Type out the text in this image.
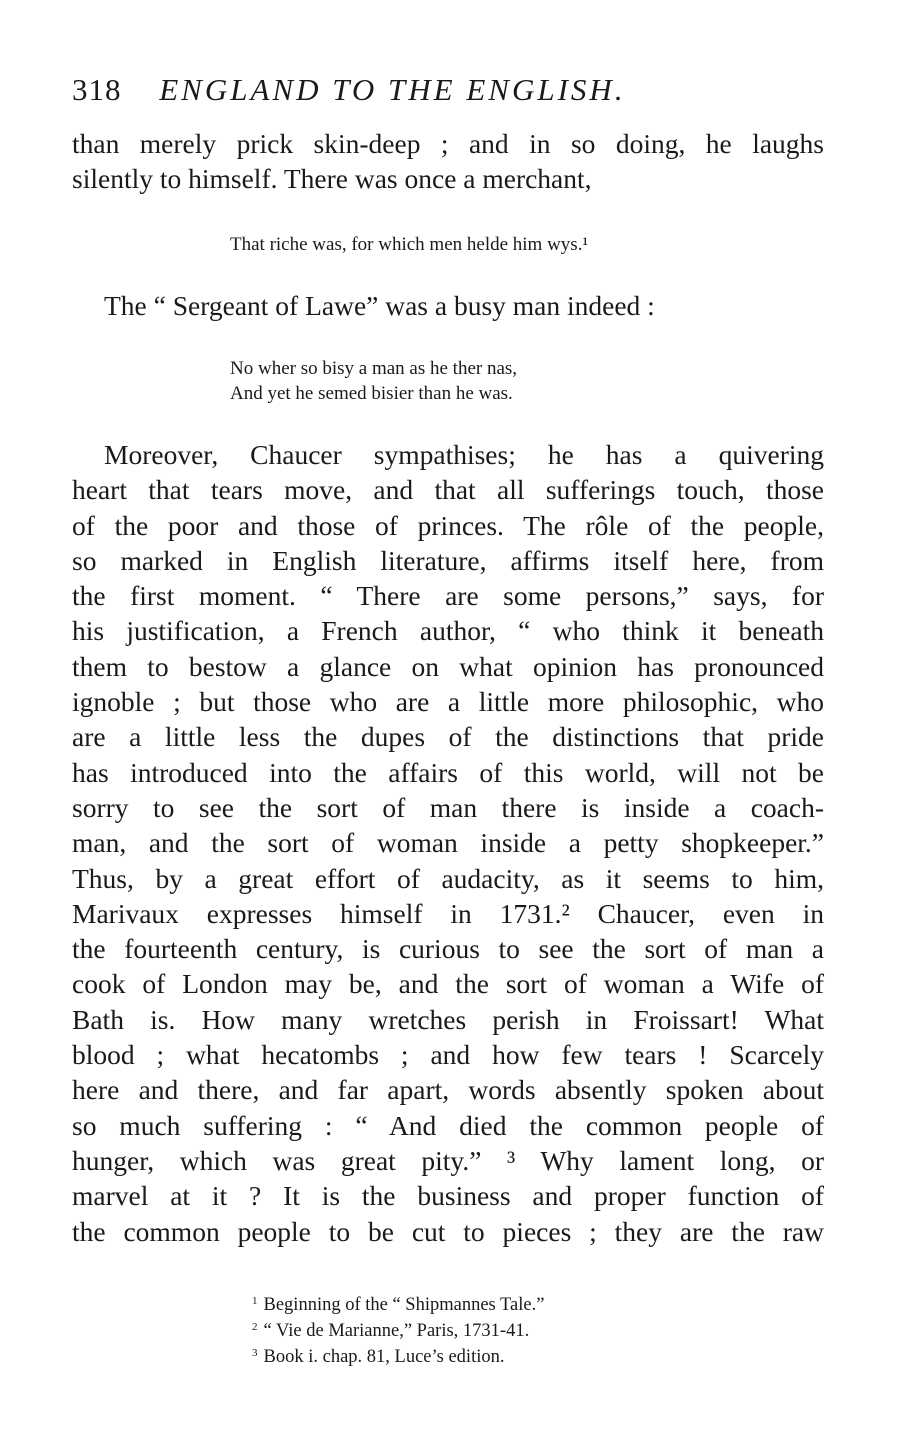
318 ENGLAND TO THE ENGLISH.
than merely prick skin-deep ; and in so doing, he laughs
silently to himself. There was once a merchant,
That riche was, for which men helde him wys.¹
The “ Sergeant of Lawe” was a busy man indeed :
No wher so bisy a man as he ther nas,
And yet he semed bisier than he was.
Moreover, Chaucer sympathises; he has a quivering
heart that tears move, and that all sufferings touch, those
of the poor and those of princes. The rôle of the people,
so marked in English literature, affirms itself here, from
the first moment. “ There are some persons,” says, for
his justification, a French author, “ who think it beneath
them to bestow a glance on what opinion has pronounced
ignoble ; but those who are a little more philosophic, who
are a little less the dupes of the distinctions that pride
has introduced into the affairs of this world, will not be
sorry to see the sort of man there is inside a coach-
man, and the sort of woman inside a petty shopkeeper.”
Thus, by a great effort of audacity, as it seems to him,
Marivaux expresses himself in 1731.² Chaucer, even in
the fourteenth century, is curious to see the sort of man a
cook of London may be, and the sort of woman a Wife of
Bath is. How many wretches perish in Froissart! What
blood ; what hecatombs ; and how few tears ! Scarcely
here and there, and far apart, words absently spoken about
so much suffering : “ And died the common people of
hunger, which was great pity.” ³ Why lament long, or
marvel at it ? It is the business and proper function of
the common people to be cut to pieces ; they are the raw
$^1$ Beginning of the “ Shipmannes Tale.”
$^2$ “ Vie de Marianne,” Paris, 1731-41.
$^3$ Book i. chap. 81, Luce’s edition.
